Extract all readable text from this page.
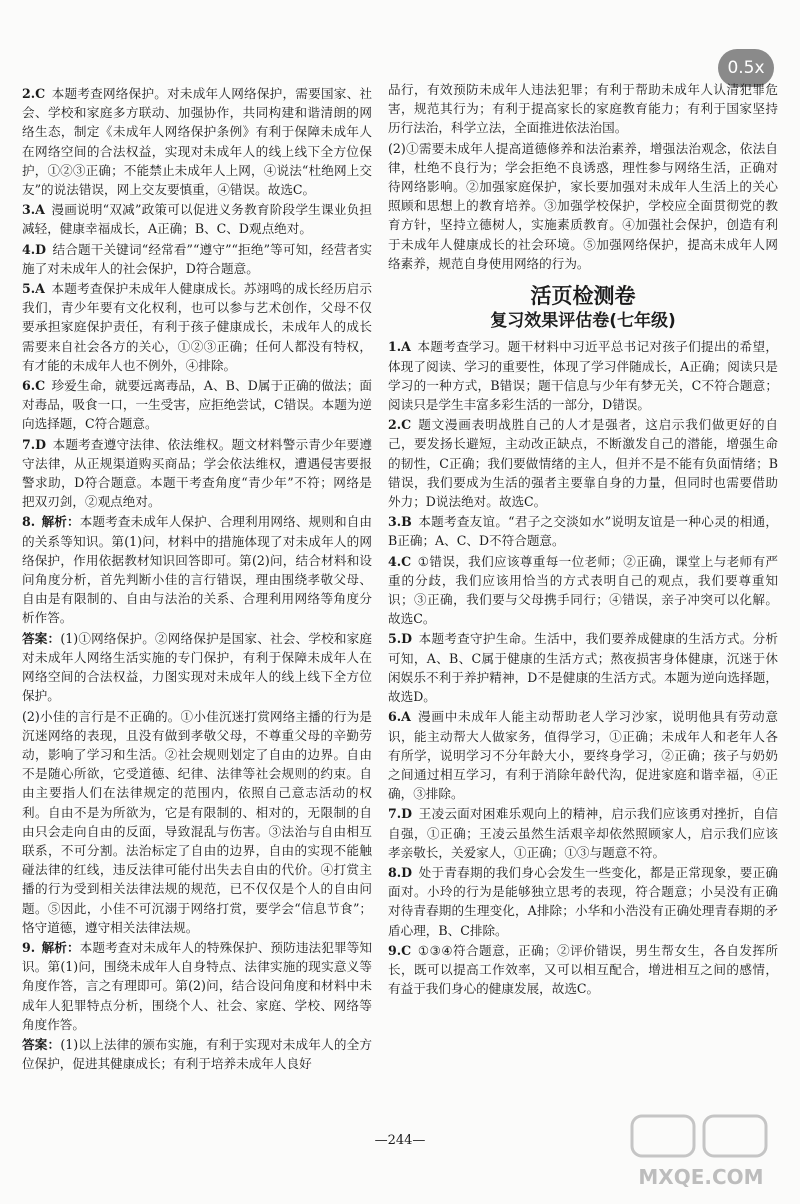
0.5x

2.C  本题考查网络保护。对未成年人网络保护，需要国家、社会、学校和家庭多方联动、加强协作，共同构建和谐清朗的网络生态，制定《未成年人网络保护条例》有利于保障未成年人在网络空间的合法权益，实现对未成年人的线上线下全方位保护，①②③正确；不能禁止未成年人上网，④说法“杜绝网上交友”的说法错误，网上交友要慎重，④错误。故选C。

3.A  漫画说明“双减”政策可以促进义务教育阶段学生课业负担减轻，健康幸福成长，A正确；B、C、D观点绝对。

4.D  结合题干关键词“经常看”“遵守”“拒绝”等可知，经营者实施了对未成年人的社会保护，D符合题意。

5.A  本题考查保护未成年人健康成长。苏翊鸣的成长经历启示我们，青少年要有文化权利，也可以参与艺术创作，父母不仅要承担家庭保护责任，有利于孩子健康成长，未成年人的成长需要来自社会各方的关心，①②③正确；任何人都没有特权，有才能的未成年人也不例外，④排除。

6.C  珍爱生命，就要远离毒品，A、B、D属于正确的做法；面对毒品，吸食一口，一生受害，应拒绝尝试，C错误。本题为逆向选择题，C符合题意。

7.D  本题考查遵守法律、依法维权。题文材料警示青少年要遵守法律，从正规渠道购买商品；学会依法维权，遭遇侵害要报警求助，D符合题意。本题干考查角度“青少年”不符；网络是把双刃剑，②观点绝对。

8.  解析：本题考查未成年人保护、合理利用网络、规则和自由的关系等知识。第(1)问，材料中的措施体现了对未成年人的网络保护，作用依据教材知识回答即可。第(2)问，结合材料和设问角度分析，首先判断小佳的言行错误，理由围绕孝敬父母、自由是有限制的、自由与法治的关系、合理利用网络等角度分析作答。

答案：(1)①网络保护。②网络保护是国家、社会、学校和家庭对未成年人网络生活实施的专门保护，有利于保障未成年人在网络空间的合法权益，力图实现对未成年人的线上线下全方位保护。

(2)小佳的言行是不正确的。①小佳沉迷打赏网络主播的行为是沉迷网络的表现，且没有做到孝敬父母，不尊重父母的辛勤劳动，影响了学习和生活。②社会规则划定了自由的边界。自由不是随心所欲，它受道德、纪律、法律等社会规则的约束。自由主要指人们在法律规定的范围内，依照自己意志活动的权利。自由不是为所欲为，它是有限制的、相对的，无限制的自由只会走向自由的反面，导致混乱与伤害。③法治与自由相互联系，不可分割。法治标定了自由的边界，自由的实现不能触碰法律的红线，违反法律可能付出失去自由的代价。④打赏主播的行为受到相关法律法规的规范，已不仅仅是个人的自由问题。⑤因此，小佳不可沉溺于网络打赏，要学会“信息节食”；恪守道德，遵守相关法律法规。

9.  解析：本题考查对未成年人的特殊保护、预防违法犯罪等知识。第(1)问，围绕未成年人自身特点、法律实施的现实意义等角度作答，言之有理即可。第(2)问，结合设问角度和材料中未成年人犯罪特点分析，围绕个人、社会、家庭、学校、网络等角度作答。

答案：(1)以上法律的颁布实施，有利于实现对未成年人的全方位保护，促进其健康成长；有利于培养未成年人良好

品行，有效预防未成年人违法犯罪；有利于帮助未成年人认清犯罪危害，规范其行为；有利于提高家长的家庭教育能力；有利于国家坚持历行法治，科学立法，全面推进依法治国。

(2)①需要未成年人提高道德修养和法治素养，增强法治观念，依法自律，杜绝不良行为；学会拒绝不良诱惑，理性参与网络生活，正确对待网络影响。②加强家庭保护，家长要加强对未成年人生活上的关心照顾和思想上的教育培养。③加强学校保护，学校应全面贯彻党的教育方针，坚持立德树人，实施素质教育。④加强社会保护，创造有利于未成年人健康成长的社会环境。⑤加强网络保护，提高未成年人网络素养，规范自身使用网络的行为。

活页检测卷
复习效果评估卷(七年级)

1.A  本题考查学习。题干材料中习近平总书记对孩子们提出的希望，体现了阅读、学习的重要性，体现了学习伴随成长，A正确；阅读只是学习的一种方式，B错误；题干信息与少年有梦无关，C不符合题意；阅读只是学生丰富多彩生活的一部分，D错误。

2.C  题文漫画表明战胜自己的人才是强者，这启示我们做更好的自己，要发扬长避短，主动改正缺点，不断激发自己的潜能，增强生命的韧性，C正确；我们要做情绪的主人，但并不是不能有负面情绪；B错误，我们要成为生活的强者主要靠自身的力量，但同时也需要借助外力；D说法绝对。故选C。

3.B  本题考查友谊。“君子之交淡如水”说明友谊是一种心灵的相通，B正确；A、C、D不符合题意。

4.C  ①错误，我们应该尊重每一位老师；②正确，课堂上与老师有严重的分歧，我们应该用恰当的方式表明自己的观点，我们要尊重知识；③正确，我们要与父母携手同行；④错误，亲子冲突可以化解。故选C。

5.D  本题考查守护生命。生活中，我们要养成健康的生活方式。分析可知，A、B、C属于健康的生活方式；熬夜损害身体健康，沉迷于休闲娱乐不利于养护精神，D不是健康的生活方式。本题为逆向选择题，故选D。

6.A  漫画中未成年人能主动帮助老人学习沙家，说明他具有劳动意识，能主动帮大人做家务，值得学习，①正确；未成年人和老年人各有所学，说明学习不分年龄大小，要终身学习，②正确；孩子与奶奶之间通过相互学习，有利于消除年龄代沟，促进家庭和谐幸福，④正确，③排除。

7.D  王凌云面对困难乐观向上的精神，启示我们应该勇对挫折，自信自强，①正确；王凌云虽然生活艰辛却依然照顾家人，启示我们应该孝亲敬长，关爱家人，①正确；①③与题意不符。

8.D  处于青春期的我们身心会发生一些变化，都是正常现象，要正确面对。小玲的行为是能够独立思考的表现，符合题意；小吴没有正确对待青春期的生理变化，A排除；小华和小浩没有正确处理青春期的矛盾心理，B、C排除。

9.C  ①③④符合题意，正确；②评价错误，男生帮女生，各自发挥所长，既可以提高工作效率，又可以相互配合，增进相互之间的感情，有益于我们身心的健康发展，故选C。

—244—
MXQE.COM
